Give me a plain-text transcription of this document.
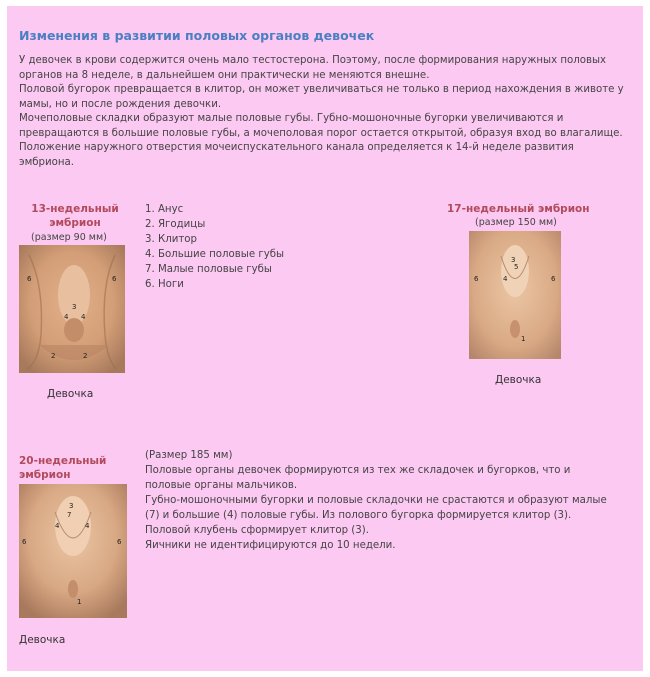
Изменения в развитии половых органов девочек

У девочек в крови содержится очень мало тестостерона. Поэтому, после формирования наружных половых органов на 8 неделе, в дальнейшем они практически не меняются внешне.

Половой бугорок превращается в клитор, он может увеличиваться не только в период нахождения в животе у мамы, но и после рождения девочки.

Мочеполовые складки образуют малые половые губы. Губно-мошоночные бугорки увеличиваются и превращаются в большие половые губы, а мочеполовая порог остается открытой, образуя вход во влагалище.

Положение наружного отверстия мочеиспускательного канала определяется к 14-й неделе развития эмбриона.

13-недельный
эмбрион
(размер 90 мм)
6	6
3
4 4
2	2
Девочка
1. Анус
2. Ягодицы
3. Клитор
4. Большие половые губы
7. Малые половые губы
6. Ноги
17-недельный эмбрион
(размер 150 мм)
6	6
3
5
4
1
Девочка
20-недельный
эмбрион
3
7
4	4
6	6
1
Девочка

(Размер 185 мм)

Половые органы девочек формируются из тех же складочек и бугорков, что и половые органы мальчиков.

Губно-мошоночными бугорки и половые складочки не срастаются и образуют малые (7) и большие (4) половые губы. Из полового бугорка формируется клитор (3). Половой клубень сформирует клитор (3).

Яичники не идентифицируются до 10 недели.
